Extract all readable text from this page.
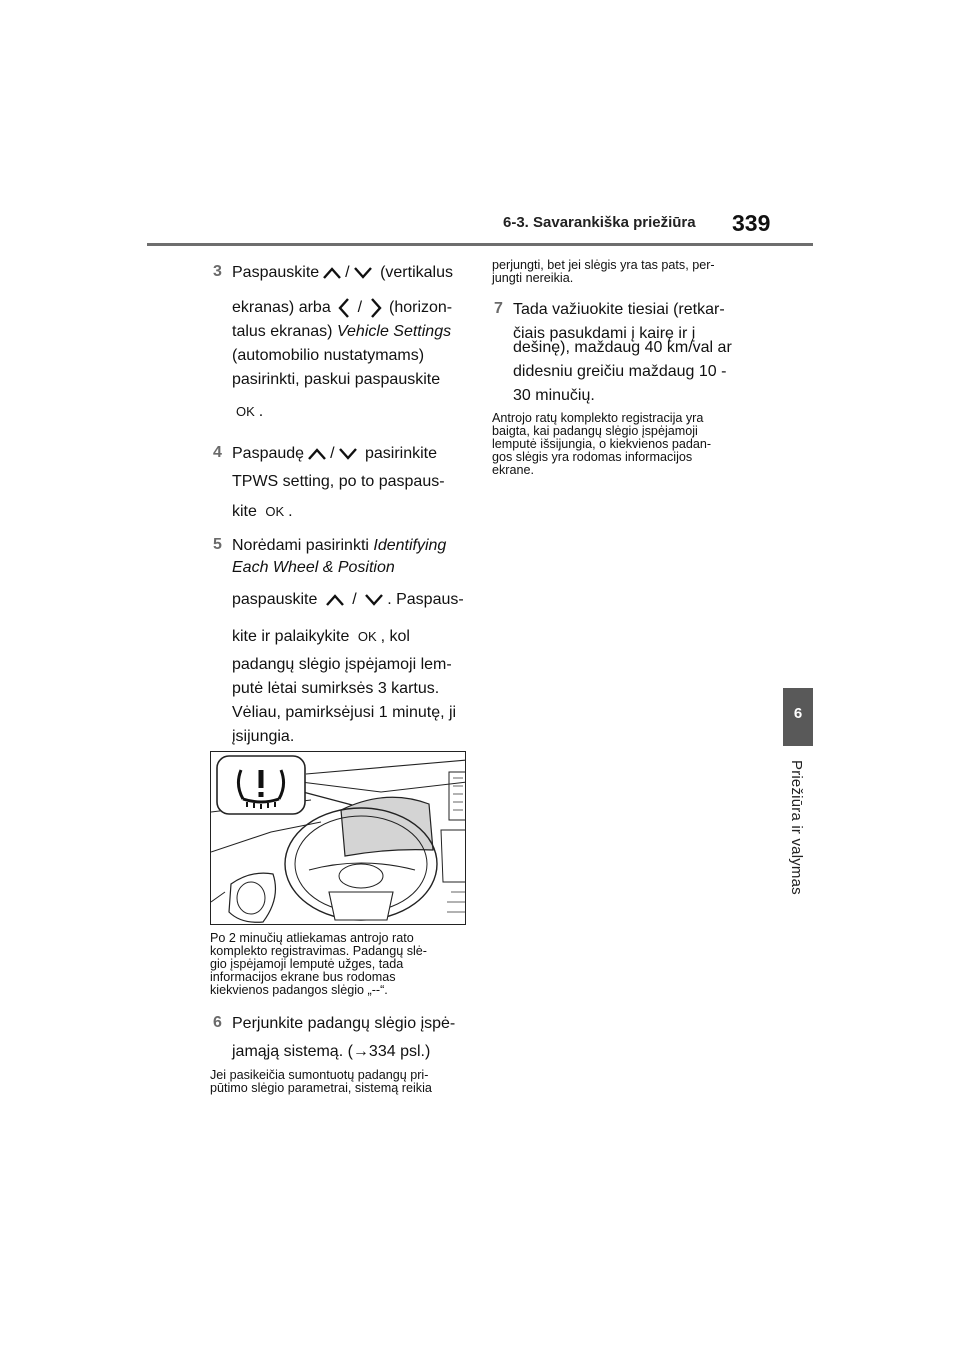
6-3. Savarankiška priežiūra 339
6
Priežiūra ir valymas
3 Paspauskite / (vertikalus
ekranas) arba / (horizon-
talus ekranas) Vehicle Settings
(automobilio nustatymams)
pasirinkti, paskui paspauskite
OK .
4 Paspaudę / pasirinkite
TPWS setting, po to paspaus-
kite OK .
5 Norėdami pasirinkti Identifying
Each Wheel & Position
paspauskite / . Paspaus-
kite ir palaikykite OK , kol
padangų slėgio įspėjamoji lem-
putė lėtai sumirksės 3 kartus.
Vėliau, pamirksėjusi 1 minutę, ji
įsijungia.
Po 2 minučių atliekamas antrojo rato
komplekto registravimas. Padangų slė-
gio įspėjamoji lemputė užges, tada
informacijos ekrane bus rodomas
kiekvienos padangos slėgio „--“.
6 Perjunkite padangų slėgio įspė-
jamąją sistemą. (→334 psl.)
Jei pasikeičia sumontuotų padangų pri-
pūtimo slėgio parametrai, sistemą reikia
perjungti, bet jei slėgis yra tas pats, per-
jungti nereikia.
7 Tada važiuokite tiesiai (retkar-
čiais pasukdami į kairę ir į
dešinę), maždaug 40 km/val ar
didesniu greičiu maždaug 10 -
30 minučių.
Antrojo ratų komplekto registracija yra
baigta, kai padangų slėgio įspėjamoji
lemputė išsijungia, o kiekvienos padan-
gos slėgis yra rodomas informacijos
ekrane.
